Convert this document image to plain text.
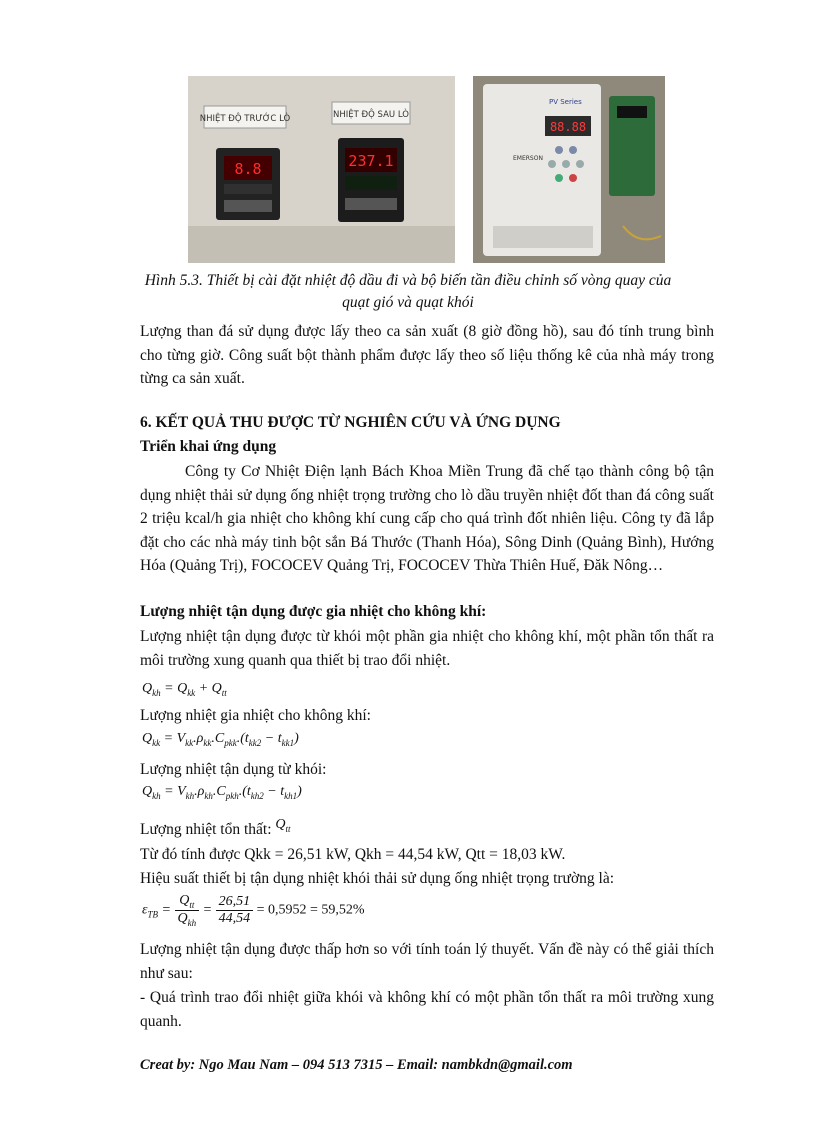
NHIỆT ĐỘ TRƯỚC LÒ	NHIỆT ĐỘ SAU LÒ
8.8	237.1
PV Series
88.88
EMERSON
Hình 5.3. Thiết bị cài đặt nhiệt độ dầu đi và bộ biến tần điều chỉnh số vòng quay của
quạt gió và quạt khói

Lượng than đá sử dụng được lấy theo ca sản xuất (8 giờ đồng hồ), sau đó tính trung bình cho từng giờ. Công suất bột thành phẩm được lấy theo số liệu thống kê của nhà máy trong từng ca sản xuất.

6. KẾT QUẢ THU ĐƯỢC TỪ NGHIÊN CỨU VÀ ỨNG DỤNG

Triển khai ứng dụng

Công ty Cơ Nhiệt Điện lạnh Bách Khoa Miền Trung đã chế tạo thành công bộ tận dụng nhiệt thải sử dụng ống nhiệt trọng trường cho lò dầu truyền nhiệt đốt than đá công suất 2 triệu kcal/h gia nhiệt cho không khí cung cấp cho quá trình đốt nhiên liệu. Công ty đã lắp đặt cho các nhà máy tinh bột sắn Bá Thước (Thanh Hóa), Sông Dinh (Quảng Bình), Hướng Hóa (Quảng Trị), FOCOCEV Quảng Trị, FOCOCEV Thừa Thiên Huế, Đăk Nông…

Lượng nhiệt tận dụng được gia nhiệt cho không khí:

Lượng nhiệt tận dụng được từ khói một phần gia nhiệt cho không khí, một phần tổn thất ra môi trường xung quanh qua thiết bị trao đổi nhiệt.

$Q_{kh} = Q_{kk} + Q_{tt}$

Lượng nhiệt gia nhiệt cho không khí:

$Q_{kk} = V_{kk}.\rho_{kk}.C_{pkk}.(t_{kk2} - t_{kk1})$

Lượng nhiệt tận dụng từ khói:

$Q_{kh} = V_{kh}.\rho_{kh}.C_{pkh}.(t_{kh2} - t_{kh1})$

Lượng nhiệt tổn thất: $Q_{tt}$

Từ đó tính được Qkk = 26,51 kW, Qkh = 44,54 kW, Qtt = 18,03 kW.

Hiệu suất thiết bị tận dụng nhiệt khói thải sử dụng ống nhiệt trọng trường là:

$\varepsilon_{TB} = \frac{Q_{tt}}{Q_{kh}} = \frac{26,51}{44,54} = 0,5952 = 59,52\%$

Lượng nhiệt tận dụng được thấp hơn so với tính toán lý thuyết. Vấn đề này có thể giải thích như sau:

- Quá trình trao đổi nhiệt giữa khói và không khí có một phần tổn thất ra môi trường xung quanh.

Creat by: Ngo Mau Nam – 094 513 7315 – Email: nambkdn@gmail.com
